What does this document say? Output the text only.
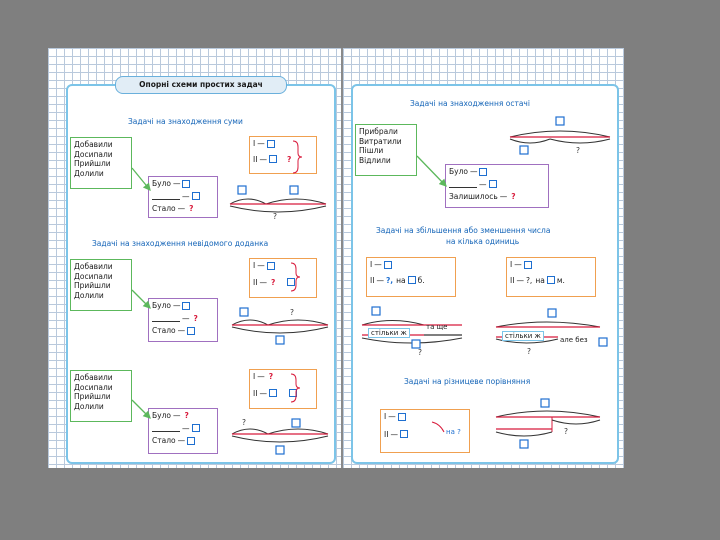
Опорні схеми простих задач
Задачі на знаходження суми
Задачі на знаходження невідомого доданка
Добавили
Досипали
Прийшли
Долили
I —
II —	?
Було —
—
Стало — ?
Добавили
Досипали
Прийшли
Долили
I —
II — ?
Було —
— ?
Стало —
Добавили
Досипали
Прийшли
Долили
I — ?
II —
Було — ?
—
Стало —
?
?
?
Задачі на знаходження остачі
Прибрали
Витратили
Пішли
Відлили
Було —
—
Залишилось — ?
Задачі на збільшення або зменшення числа
на кілька одиниць
I —
II — ?, на б.
I —
II — ?, на м.
Задачі на різницеве порівняння
I —
II —
?
стільки ж
та ще
?
стільки ж	але без
?
на ?	?
